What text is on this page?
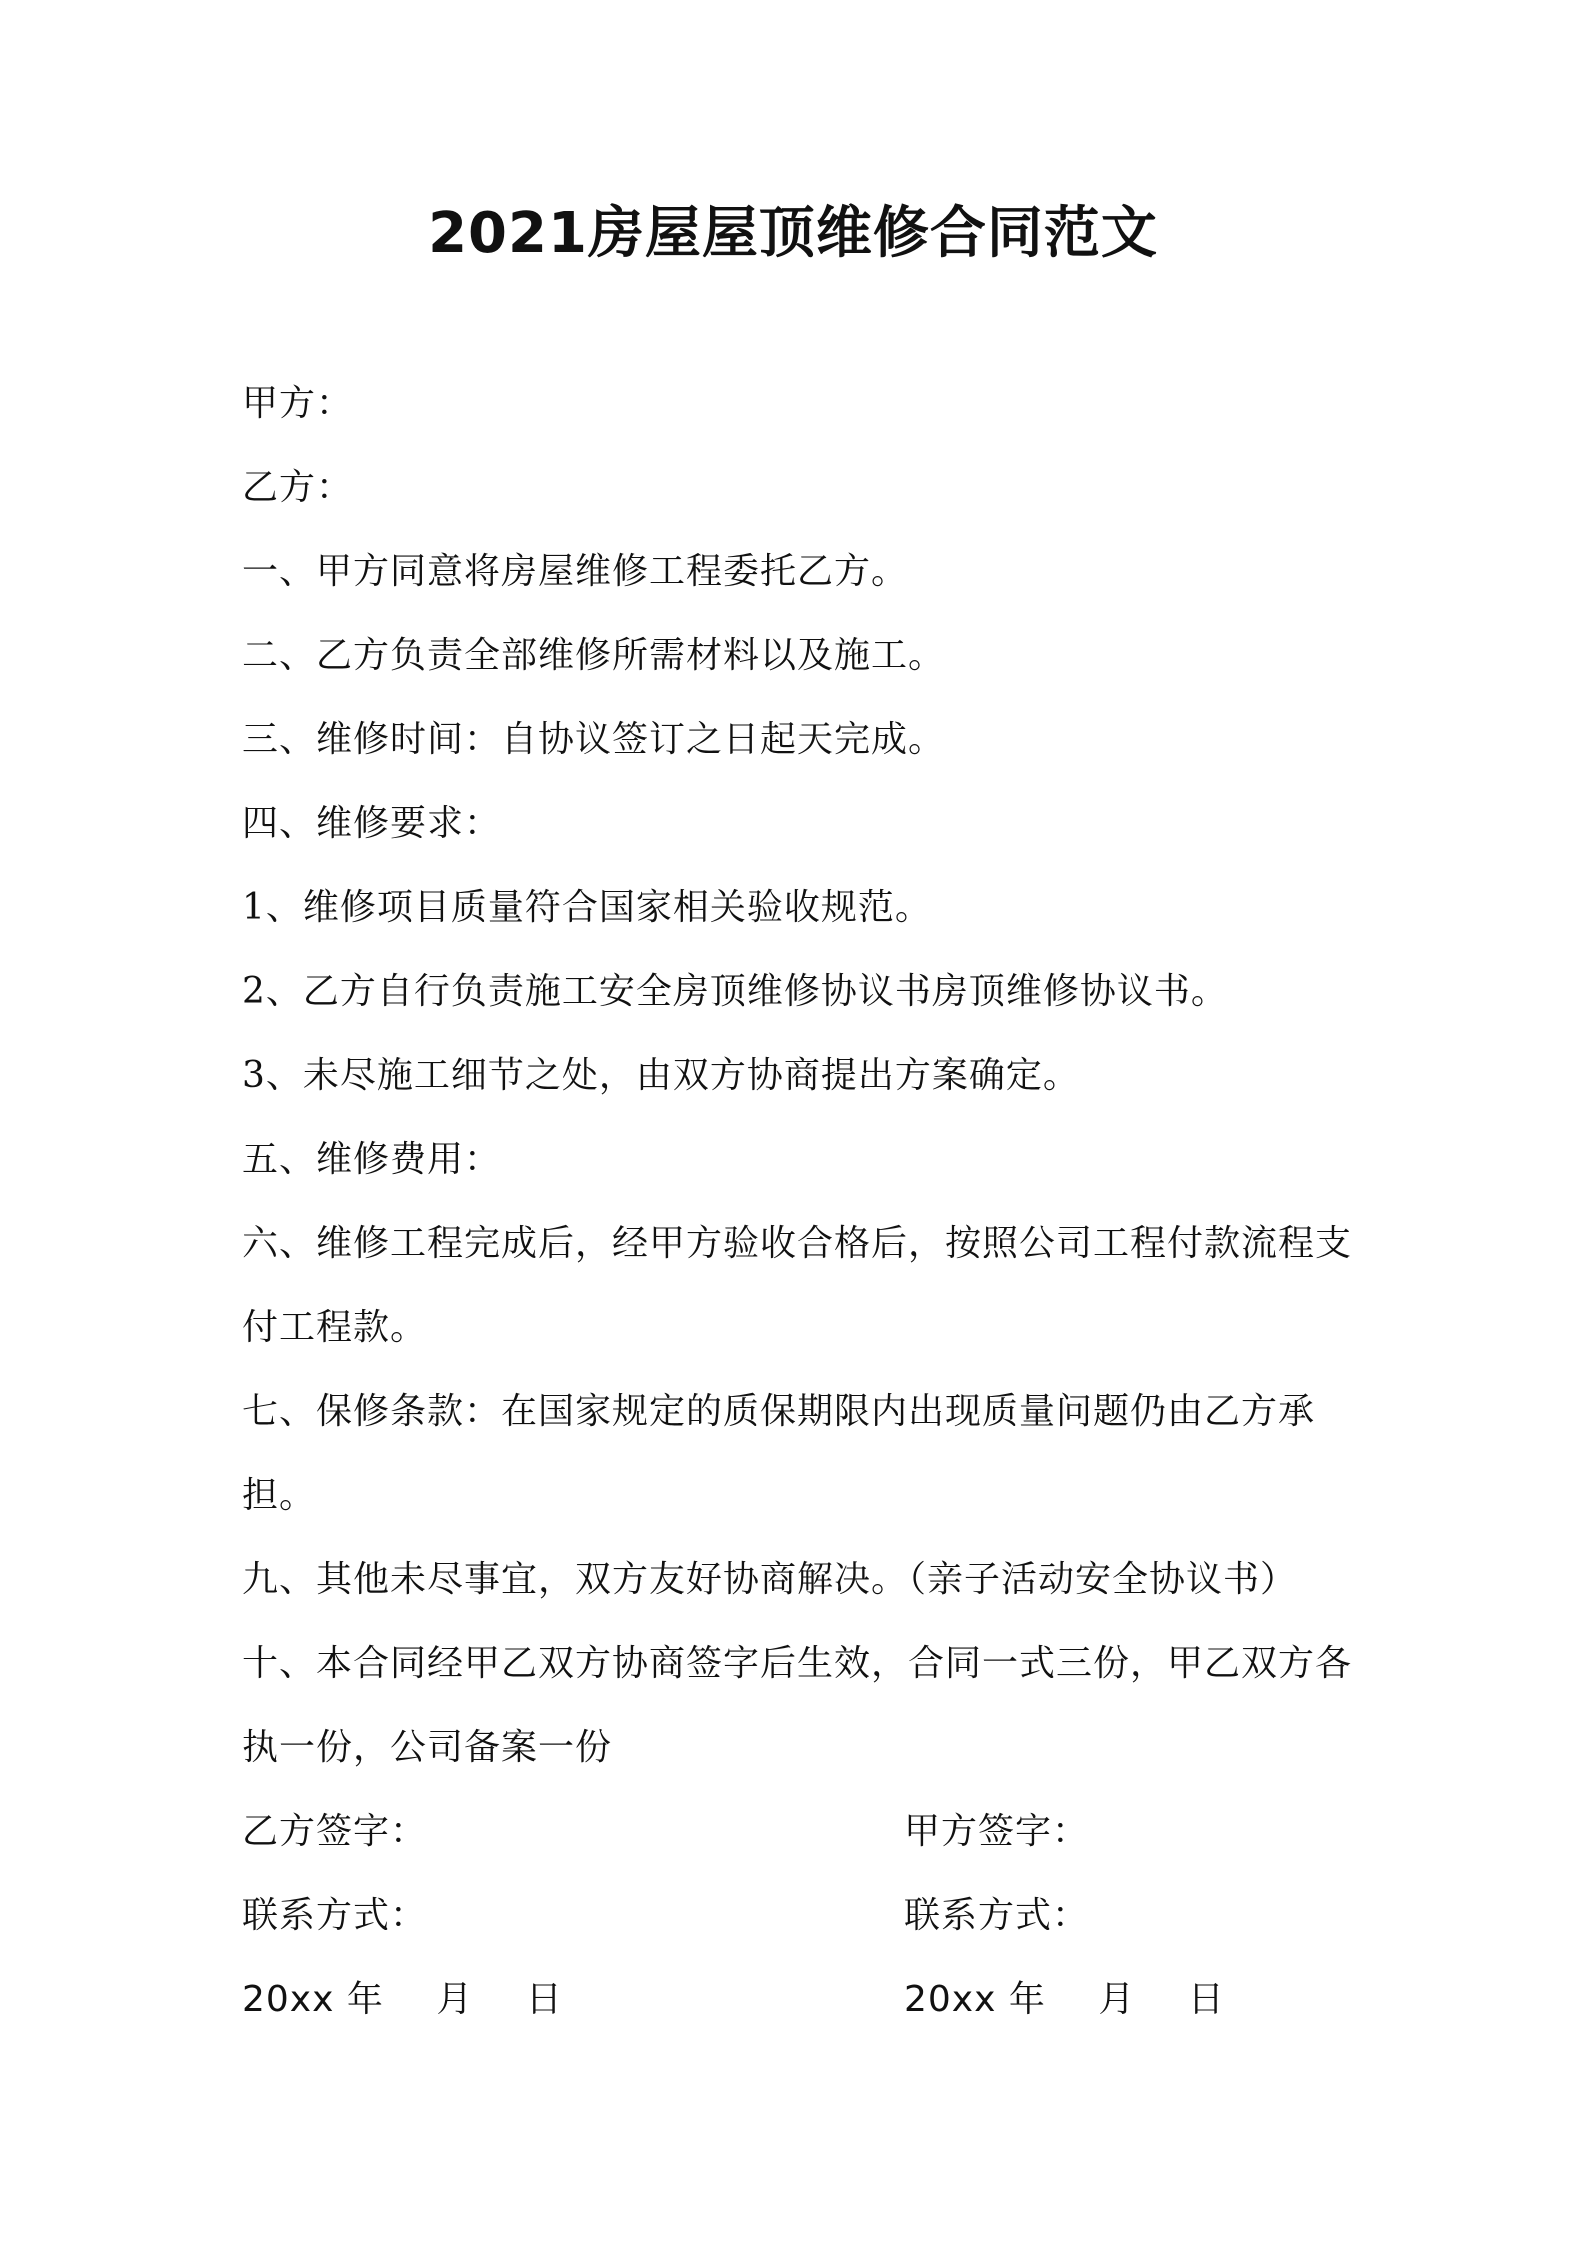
2021房屋屋顶维修合同范文
甲方：
乙方：
一、甲方同意将房屋维修工程委托乙方。
二、乙方负责全部维修所需材料以及施工。
三、维修时间：自协议签订之日起天完成。
四、维修要求：
1、维修项目质量符合国家相关验收规范。
2、乙方自行负责施工安全房顶维修协议书房顶维修协议书。
3、未尽施工细节之处，由双方协商提出方案确定。
五、维修费用：
六、维修工程完成后，经甲方验收合格后，按照公司工程付款流程支付工程款。
七、保修条款：在国家规定的质保期限内出现质量问题仍由乙方承担。
九、其他未尽事宜，双方友好协商解决。（亲子活动安全协议书）
十、本合同经甲乙双方协商签字后生效，合同一式三份，甲乙双方各执一份，公司备案一份
乙方签字：	甲方签字：
联系方式：	联系方式：
20xx 年 月 日	20xx 年 月 日
